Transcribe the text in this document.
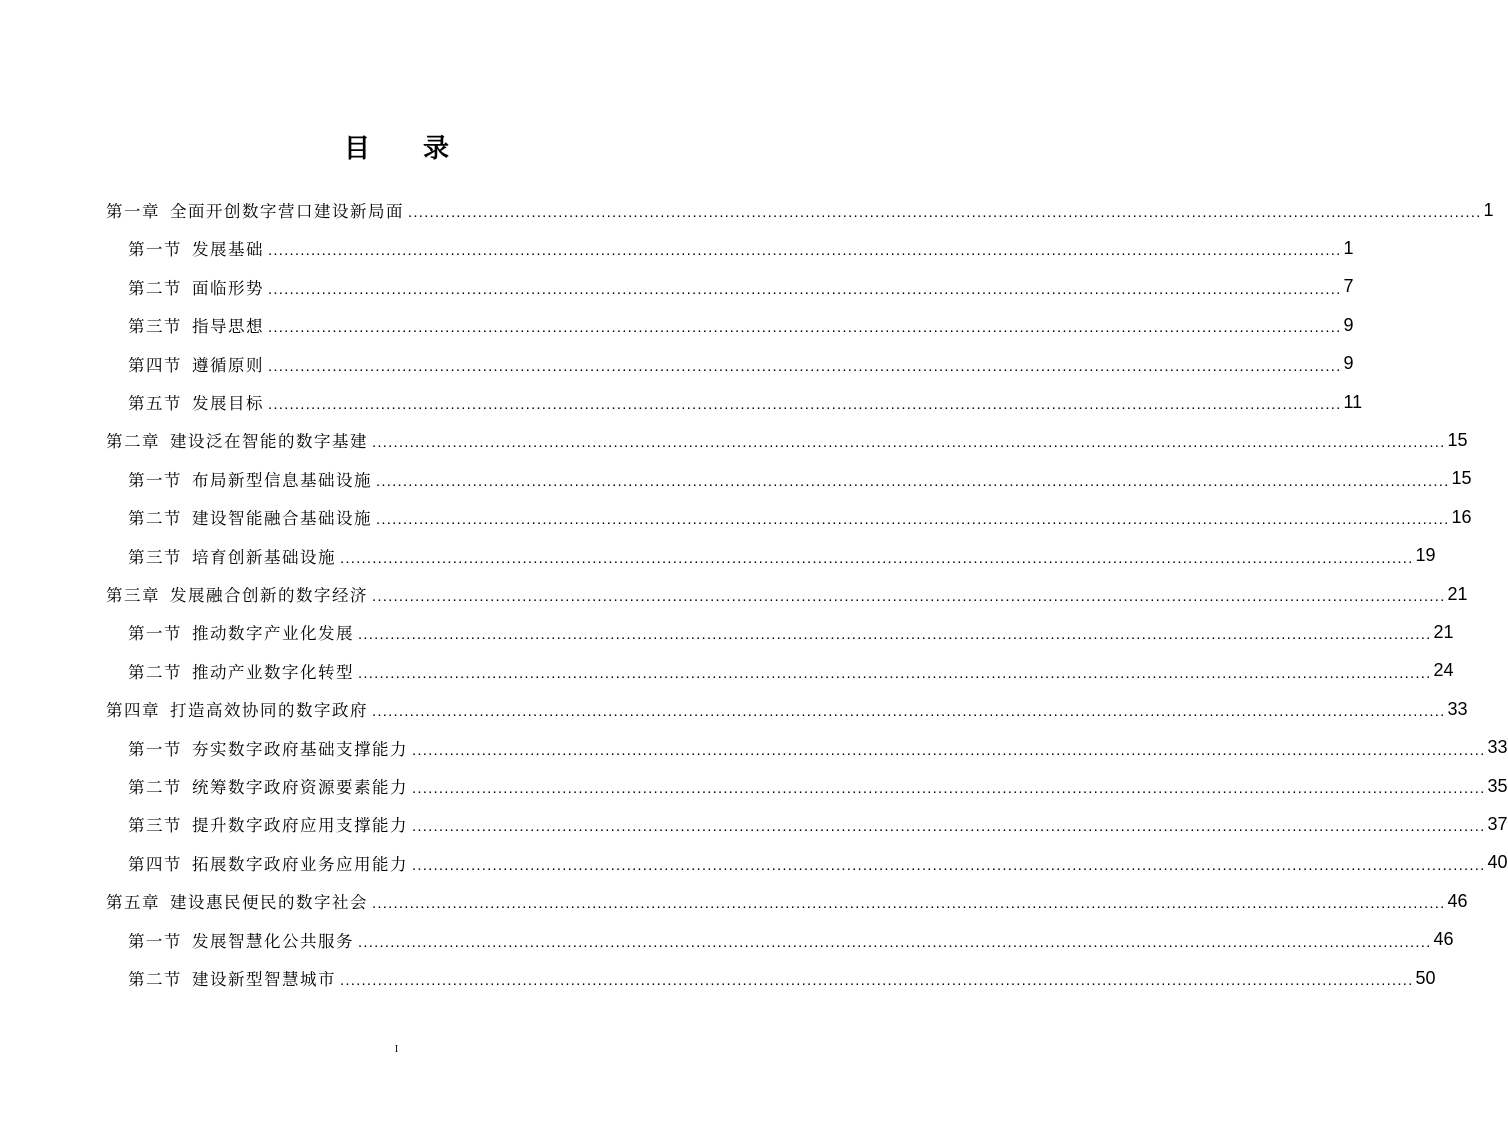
目 录
第一章 全面开创数字营口建设新局面 ........................................................................................................................................................................................................ 1
第一节 发展基础 ........................................................................................................................................................................................................ 1
第二节 面临形势 ........................................................................................................................................................................................................ 7
第三节 指导思想 ........................................................................................................................................................................................................ 9
第四节 遵循原则 ........................................................................................................................................................................................................ 9
第五节 发展目标 ........................................................................................................................................................................................................ 11
第二章 建设泛在智能的数字基建 ........................................................................................................................................................................................................ 15
第一节 布局新型信息基础设施 ........................................................................................................................................................................................................ 15
第二节 建设智能融合基础设施 ........................................................................................................................................................................................................ 16
第三节 培育创新基础设施 ........................................................................................................................................................................................................ 19
第三章 发展融合创新的数字经济 ........................................................................................................................................................................................................ 21
第一节 推动数字产业化发展 ........................................................................................................................................................................................................ 21
第二节 推动产业数字化转型 ........................................................................................................................................................................................................ 24
第四章 打造高效协同的数字政府 ........................................................................................................................................................................................................ 33
第一节 夯实数字政府基础支撑能力 ........................................................................................................................................................................................................ 33
第二节 统筹数字政府资源要素能力 ........................................................................................................................................................................................................ 35
第三节 提升数字政府应用支撑能力 ........................................................................................................................................................................................................ 37
第四节 拓展数字政府业务应用能力 ........................................................................................................................................................................................................ 40
第五章 建设惠民便民的数字社会 ........................................................................................................................................................................................................ 46
第一节 发展智慧化公共服务 ........................................................................................................................................................................................................ 46
第二节 建设新型智慧城市 ........................................................................................................................................................................................................ 50
I
